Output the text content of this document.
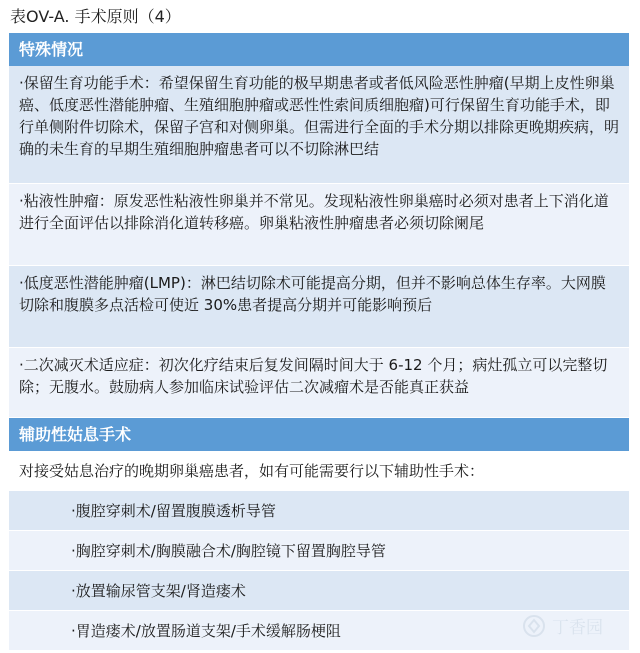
表OV-A. 手术原则（4）
特殊情况
·保留生育功能手术：希望保留生育功能的极早期患者或者低风险恶性肿瘤(早期上皮性卵巢癌、低度恶性潜能肿瘤、生殖细胞肿瘤或恶性性索间质细胞瘤)可行保留生育功能手术，即行单侧附件切除术，保留子宫和对侧卵巢。但需进行全面的手术分期以排除更晚期疾病，明确的未生育的早期生殖细胞肿瘤患者可以不切除淋巴结
·粘液性肿瘤：原发恶性粘液性卵巢并不常见。发现粘液性卵巢癌时必须对患者上下消化道进行全面评估以排除消化道转移癌。卵巢粘液性肿瘤患者必须切除阑尾
·低度恶性潜能肿瘤(LMP)：淋巴结切除术可能提高分期，但并不影响总体生存率。大网膜切除和腹膜多点活检可使近 30%患者提高分期并可能影响预后
·二次减灭术适应症：初次化疗结束后复发间隔时间大于 6-12 个月；病灶孤立可以完整切除；无腹水。鼓励病人参加临床试验评估二次减瘤术是否能真正获益
辅助性姑息手术
对接受姑息治疗的晚期卵巢癌患者，如有可能需要行以下辅助性手术：
·腹腔穿刺术/留置腹膜透析导管
·胸腔穿刺术/胸膜融合术/胸腔镜下留置胸腔导管
·放置输尿管支架/肾造瘘术
·胃造瘘术/放置肠道支架/手术缓解肠梗阻	丁香园
